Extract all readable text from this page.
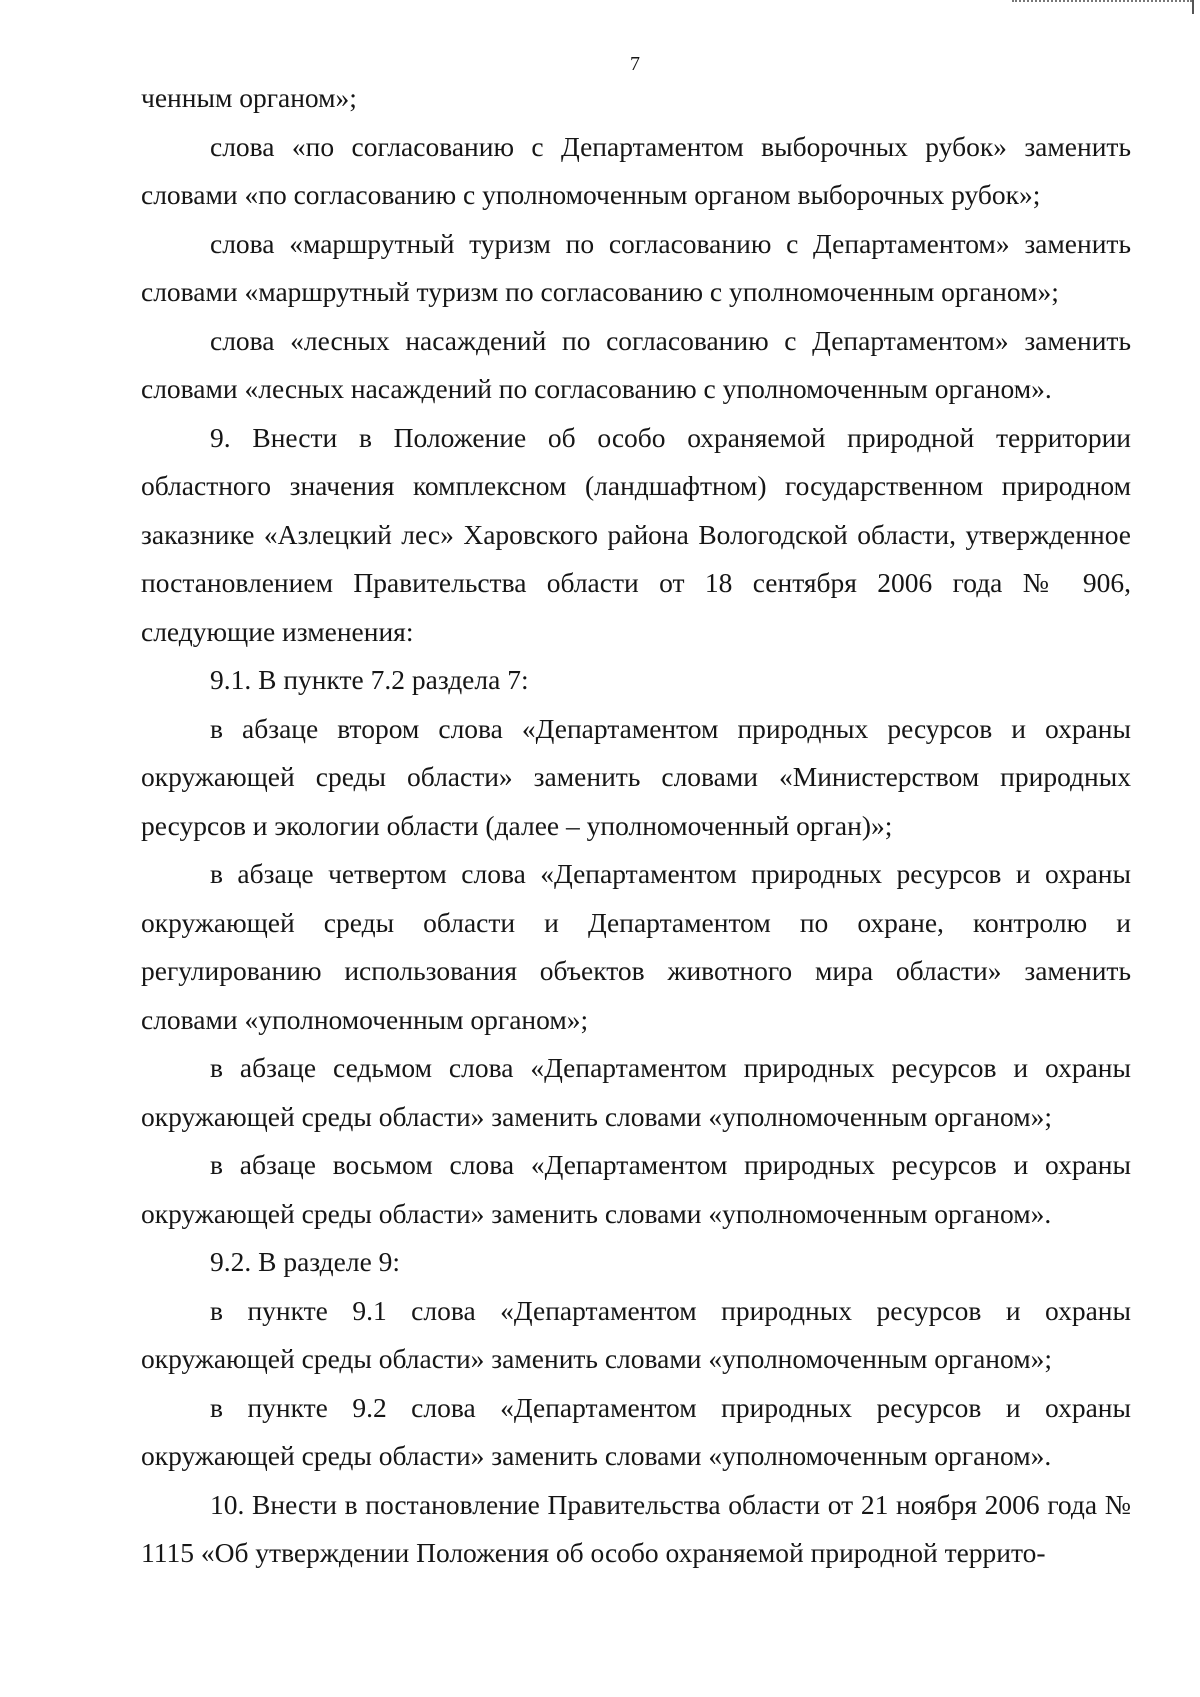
7

ченным органом»;

слова «по согласованию с Департаментом выборочных рубок» заменить словами «по согласованию с уполномоченным органом выборочных рубок»;

слова «маршрутный туризм по согласованию с Департаментом» заменить словами «маршрутный туризм по согласованию с уполномоченным органом»;

слова «лесных насаждений по согласованию с Департаментом» заменить словами «лесных насаждений по согласованию с уполномоченным органом».

9. Внести в Положение об особо охраняемой природной территории областного значения комплексном (ландшафтном) государственном природном заказнике «Азлецкий лес» Харовского района Вологодской области, утвержденное постановлением Правительства области от 18 сентября 2006 года № 906, следующие изменения:

9.1. В пункте 7.2 раздела 7:

в абзаце втором слова «Департаментом природных ресурсов и охраны окружающей среды области» заменить словами «Министерством природных ресурсов и экологии области (далее – уполномоченный орган)»;

в абзаце четвертом слова «Департаментом природных ресурсов и охраны окружающей среды области и Департаментом по охране, контролю и регулированию использования объектов животного мира области» заменить словами «уполномоченным органом»;

в абзаце седьмом слова «Департаментом природных ресурсов и охраны окружающей среды области» заменить словами «уполномоченным органом»;

в абзаце восьмом слова «Департаментом природных ресурсов и охраны окружающей среды области» заменить словами «уполномоченным органом».

9.2. В разделе 9:

в пункте 9.1 слова «Департаментом природных ресурсов и охраны окружающей среды области» заменить словами «уполномоченным органом»;

в пункте 9.2 слова «Департаментом природных ресурсов и охраны окружающей среды области» заменить словами «уполномоченным органом».

10. Внести в постановление Правительства области от 21 ноября 2006 года № 1115 «Об утверждении Положения об особо охраняемой природной террито-
